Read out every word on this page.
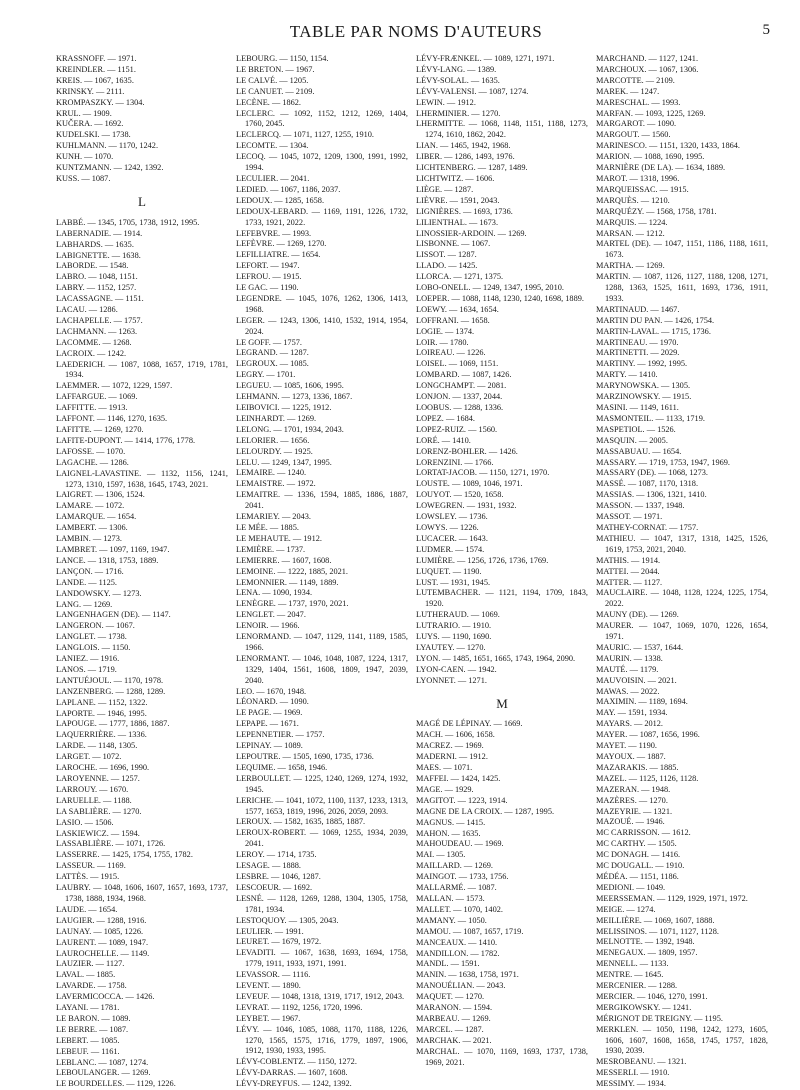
TABLE PAR NOMS D'AUTEURS	5
KRASSNOFF. — 1971.
KREINDLER. — 1151.
KREIS. — 1067, 1635.
KRINSKY. — 2111.
KROMPASZKY. — 1304.
KRUL. — 1909.
KUČERA. — 1692.
KUDELSKI. — 1738.
KUHLMANN. — 1170, 1242.
KUNH. — 1070.
KUNTZMANN. — 1242, 1392.
KUSS. — 1087.
L
LABBÉ. — 1345, 1705, 1738, 1912, 1995.
LABERNADIE. — 1914.
LABHARDS. — 1635.
LABIGNETTE. — 1638.
LABORDE. — 1548.
LABRO. — 1048, 1151.
LABRY. — 1152, 1257.
LACASSAGNE. — 1151.
LACAU. — 1286.
LACHAPELLE. — 1757.
LACHMANN. — 1263.
LACOMME. — 1268.
LACROIX. — 1242.
LAEDERICH. — 1087, 1088, 1657, 1719, 1781, 1934.
LAEMMER. — 1072, 1229, 1597.
LAFFARGUE. — 1069.
LAFFITTE. — 1913.
LAFFONT. — 1146, 1270, 1635.
LAFITTE. — 1269, 1270.
LAFITE-DUPONT. — 1414, 1776, 1778.
LAFOSSE. — 1070.
LAGACHE. — 1286.
LAIGNEL-LAVASTINE. — 1132, 1156, 1241, 1273, 1310, 1597, 1638, 1645, 1743, 2021.
LAIGRET. — 1306, 1524.
LAMARE. — 1072.
LAMARQUE. — 1654.
LAMBERT. — 1306.
LAMBIN. — 1273.
LAMBRET. — 1097, 1169, 1947.
LANCE. — 1318, 1753, 1889.
LANÇON. — 1716.
LANDE. — 1125.
LANDOWSKY. — 1273.
LANG. — 1269.
LANGENHAGEN (DE). — 1147.
LANGERON. — 1067.
LANGLET. — 1738.
LANGLOIS. — 1150.
LANIEZ. — 1916.
LANOS. — 1719.
LANTUÉJOUL. — 1170, 1978.
LANZENBERG. — 1288, 1289.
LAPLANE. — 1152, 1322.
LAPORTE. — 1946, 1995.
LAPOUGE. — 1777, 1886, 1887.
LAQUERRIÈRE. — 1336.
LARDE. — 1148, 1305.
LARGET. — 1072.
LAROCHE. — 1696, 1990.
LAROYENNE. — 1257.
LARROUY. — 1670.
LARUELLE. — 1188.
LA SABLIÈRE. — 1270.
LASIO. — 1506.
LASKIEWICZ. — 1594.
LASSABLIÈRE. — 1071, 1726.
LASSERRE. — 1425, 1754, 1755, 1782.
LASSEUR. — 1169.
LATTÈS. — 1915.
LAUBRY. — 1048, 1606, 1607, 1657, 1693, 1737, 1738, 1888, 1934, 1968.
LAUDE. — 1654.
LAUGIER. — 1288, 1916.
LAUNAY. — 1085, 1226.
LAURENT. — 1089, 1947.
LAUROCHELLE. — 1149.
LAUZIER. — 1127.
LAVAL. — 1885.
LAVARDE. — 1758.
LAVERMICOCCA. — 1426.
LAYANI. — 1781.
LE BARON. — 1089.
LE BERRE. — 1087.
LEBERT. — 1085.
LEBEUF. — 1161.
LEBLANC. — 1087, 1274.
LEBOULANGER. — 1269.
LE BOURDELLES. — 1129, 1226.
LEBOURG. — 1150, 1154.
LE BRETON. — 1967.
LE CALVÉ. — 1205.
LE CANUET. — 2109.
LECÈNE. — 1862.
LECLERC. — 1092, 1152, 1212, 1269, 1404, 1760, 2045.
LECLERCQ. — 1071, 1127, 1255, 1910.
LECOMTE. — 1304.
LECOQ. — 1045, 1072, 1209, 1300, 1991, 1992, 1994.
LECULIER. — 2041.
LEDIED. — 1067, 1186, 2037.
LEDOUX. — 1285, 1658.
LEDOUX-LEBARD. — 1169, 1191, 1226, 1732, 1733, 1921, 2022.
LEFEBVRE. — 1993.
LEFÈVRE. — 1269, 1270.
LEFILLIATRE. — 1654.
LEFORT. — 1947.
LEFROU. — 1915.
LE GAC. — 1190.
LEGENDRE. — 1045, 1076, 1262, 1306, 1413, 1968.
LEGER. — 1243, 1306, 1410, 1532, 1914, 1954, 2024.
LE GOFF. — 1757.
LEGRAND. — 1287.
LEGROUX. — 1085.
LEGRY. — 1701.
LEGUEU. — 1085, 1606, 1995.
LEHMANN. — 1273, 1336, 1867.
LEIBOVICI. — 1225, 1912.
LEINHARDT. — 1269.
LELONG. — 1701, 1934, 2043.
LELORIER. — 1656.
LELOURDY. — 1925.
LELU. — 1249, 1347, 1995.
LEMAIRE. — 1240.
LEMAISTRE. — 1972.
LEMAITRE. — 1336, 1594, 1885, 1886, 1887, 2041.
LEMARIEY. — 2043.
LE MÉE. — 1885.
LE MEHAUTE. — 1912.
LEMIÈRE. — 1737.
LEMIERRE. — 1607, 1608.
LEMOINE. — 1222, 1885, 2021.
LEMONNIER. — 1149, 1889.
LENA. — 1090, 1934.
LENÈGRE. — 1737, 1970, 2021.
LENGLET. — 2047.
LENOIR. — 1966.
LENORMAND. — 1047, 1129, 1141, 1189, 1585, 1966.
LENORMANT. — 1046, 1048, 1087, 1224, 1317, 1329, 1404, 1561, 1608, 1809, 1947, 2039, 2040.
LEO. — 1670, 1948.
LÉONARD. — 1090.
LE PAGE. — 1969.
LEPAPE. — 1671.
LEPENNETIER. — 1757.
LEPINAY. — 1089.
LEPOUTRE. — 1505, 1690, 1735, 1736.
LEQUIME. — 1658, 1946.
LERBOULLET. — 1225, 1240, 1269, 1274, 1932, 1945.
LERICHE. — 1041, 1072, 1100, 1137, 1233, 1313, 1577, 1653, 1819, 1996, 2026, 2059, 2093.
LEROUX. — 1582, 1635, 1885, 1887.
LEROUX-ROBERT. — 1069, 1255, 1934, 2039, 2041.
LEROY. — 1714, 1735.
LESAGE. — 1888.
LESBRE. — 1046, 1287.
LESCOEUR. — 1692.
LESNÉ. — 1128, 1269, 1288, 1304, 1305, 1758, 1781, 1934.
LESTOQUOY. — 1305, 2043.
LEULIER. — 1991.
LEURET. — 1679, 1972.
LEVADITI. — 1067, 1638, 1693, 1694, 1758, 1779, 1911, 1933, 1971, 1991.
LEVASSOR. — 1116.
LEVENT. — 1890.
LEVEUF. — 1048, 1318, 1319, 1717, 1912, 2043.
LEVRAT. — 1192, 1256, 1720, 1996.
LEYBET. — 1967.
LÉVY. — 1046, 1085, 1088, 1170, 1188, 1226, 1270, 1565, 1575, 1716, 1779, 1897, 1906, 1912, 1930, 1933, 1995.
LÉVY-COBLENTZ. — 1150, 1272.
LÉVY-DARRAS. — 1607, 1608.
LÉVY-DREYFUS. — 1242, 1392.
LÉVY-FRÆNKEL. — 1089, 1271, 1971.
LÉVY-LANG. — 1389.
LÉVY-SOLAL. — 1635.
LÉVY-VALENSI. — 1087, 1274.
LEWIN. — 1912.
LHERMINIER. — 1270.
LHERMITTE. — 1068, 1148, 1151, 1188, 1273, 1274, 1610, 1862, 2042.
LIAN. — 1465, 1942, 1968.
LIBER. — 1286, 1493, 1976.
LICHTENBERG. — 1287, 1489.
LICHTWITZ. — 1606.
LIÈGE. — 1287.
LIÈVRE. — 1591, 2043.
LIGNIÈRES. — 1693, 1736.
LILIENTHAL. — 1673.
LINOSSIER-ARDOIN. — 1269.
LISBONNE. — 1067.
LISSOT. — 1287.
LLADO. — 1425.
LLORCA. — 1271, 1375.
LOBO-ONELL. — 1249, 1347, 1995, 2010.
LOEPER. — 1088, 1148, 1230, 1240, 1698, 1889.
LOEWY. — 1634, 1654.
LOFFRANI. — 1658.
LOGIE. — 1374.
LOIR. — 1780.
LOIREAU. — 1226.
LOISEL. — 1069, 1151.
LOMBARD. — 1087, 1426.
LONGCHAMPT. — 2081.
LONJON. — 1337, 2044.
LOOBUS. — 1288, 1336.
LOPEZ. — 1684.
LOPEZ-RUIZ. — 1560.
LORÉ. — 1410.
LORENZ-BOHLER. — 1426.
LORENZINI. — 1766.
LORTAT-JACOB. — 1150, 1271, 1970.
LOUSTE. — 1089, 1046, 1971.
LOUYOT. — 1520, 1658.
LOWEGREN. — 1931, 1932.
LOWSLEY. — 1736.
LOWYS. — 1226.
LUCACER. — 1643.
LUDMER. — 1574.
LUMIÈRE. — 1256, 1726, 1736, 1769.
LUQUET. — 1190.
LUST. — 1931, 1945.
LUTEMBACHER. — 1121, 1194, 1709, 1843, 1920.
LUTHERAUD. — 1069.
LUTRARIO. — 1910.
LUYS. — 1190, 1690.
LYAUTEY. — 1270.
LYON. — 1485, 1651, 1665, 1743, 1964, 2090.
LYON-CAEN. — 1942.
LYONNET. — 1271.
M
MAGÉ DE LÉPINAY. — 1669.
MACH. — 1606, 1658.
MACREZ. — 1969.
MADERNI. — 1912.
MAES. — 1071.
MAFFEI. — 1424, 1425.
MAGE. — 1929.
MAGITOT. — 1223, 1914.
MAGNE DE LA CROIX. — 1287, 1995.
MAGNUS. — 1415.
MAHON. — 1635.
MAHOUDEAU. — 1969.
MAI. — 1305.
MAILLARD. — 1269.
MAINGOT. — 1733, 1756.
MALLARMÉ. — 1087.
MALLAN. — 1573.
MALLET. — 1070, 1402.
MAMANY. — 1050.
MAMOU. — 1087, 1657, 1719.
MANCEAUX. — 1410.
MANDILLON. — 1782.
MANDL. — 1591.
MANIN. — 1638, 1758, 1971.
MANOUÉLIAN. — 2043.
MAQUET. — 1270.
MARANON. — 1594.
MARBEAU. — 1269.
MARCEL. — 1287.
MARCHAK. — 2021.
MARCHAL. — 1070, 1169, 1693, 1737, 1738, 1969, 2021.
MARCHAND. — 1127, 1241.
MARCHOUX. — 1067, 1306.
MARCOTTE. — 2109.
MAREK. — 1247.
MARESCHAL. — 1993.
MARFAN. — 1093, 1225, 1269.
MARGAROT. — 1090.
MARGOUT. — 1560.
MARINESCO. — 1151, 1320, 1433, 1864.
MARION. — 1088, 1690, 1995.
MARNIÈRE (DE LA). — 1634, 1889.
MAROT. — 1318, 1996.
MARQUEISSAC. — 1915.
MARQUÈS. — 1210.
MARQUÉZY. — 1568, 1758, 1781.
MARQUIS. — 1224.
MARSAN. — 1212.
MARTEL (DE). — 1047, 1151, 1186, 1188, 1611, 1673.
MARTHA. — 1269.
MARTIN. — 1087, 1126, 1127, 1188, 1208, 1271, 1288, 1363, 1525, 1611, 1693, 1736, 1911, 1933.
MARTINAUD. — 1467.
MARTIN DU PAN. — 1426, 1754.
MARTIN-LAVAL. — 1715, 1736.
MARTINEAU. — 1970.
MARTINETTI. — 2029.
MARTINY. — 1992, 1995.
MARTY. — 1410.
MARYNOWSKA. — 1305.
MARZINOWSKY. — 1915.
MASINI. — 1149, 1611.
MASMONTEIL. — 1133, 1719.
MASPETIOL. — 1526.
MASQUIN. — 2005.
MASSABUAU. — 1654.
MASSARY. — 1719, 1753, 1947, 1969.
MASSARY (DE). — 1068, 1273.
MASSÉ. — 1087, 1170, 1318.
MASSIAS. — 1306, 1321, 1410.
MASSON. — 1337, 1948.
MASSOT. — 1971.
MATHEY-CORNAT. — 1757.
MATHIEU. — 1047, 1317, 1318, 1425, 1526, 1619, 1753, 2021, 2040.
MATHIS. — 1914.
MATTEI. — 2044.
MATTER. — 1127.
MAUCLAIRE. — 1048, 1128, 1224, 1225, 1754, 2022.
MAUNY (DE). — 1269.
MAURER. — 1047, 1069, 1070, 1226, 1654, 1971.
MAURIC. — 1537, 1644.
MAURIN. — 1338.
MAUTÉ. — 1179.
MAUVOISIN. — 2021.
MAWAS. — 2022.
MAXIMIN. — 1189, 1694.
MAY. — 1591, 1934.
MAYARS. — 2012.
MAYER. — 1087, 1656, 1996.
MAYET. — 1190.
MAYOUX. — 1887.
MAZARAKIS. — 1885.
MAZEL. — 1125, 1126, 1128.
MAZERAN. — 1948.
MAZÈRES. — 1270.
MAZEYRIE. — 1321.
MAZOUÉ. — 1946.
MC CARRISSON. — 1612.
MC CARTHY. — 1505.
MC DONAGH. — 1416.
MC DOUGALL. — 1910.
MÉDÉA. — 1151, 1186.
MEDIONI. — 1049.
MEERSSEMAN. — 1129, 1929, 1971, 1972.
MEIGE. — 1274.
MEILLIÈRE. — 1069, 1607, 1888.
MELISSINOS. — 1071, 1127, 1128.
MELNOTTE. — 1392, 1948.
MENEGAUX. — 1809, 1957.
MENNELL. — 1133.
MENTRE. — 1645.
MERCENIER. — 1288.
MERCIER. — 1046, 1270, 1991.
MERGIKOWSKY. — 1241.
MÉRIGNOT DE TREIGNY. — 1195.
MERKLEN. — 1050, 1198, 1242, 1273, 1605, 1606, 1607, 1608, 1658, 1745, 1757, 1828, 1930, 2039.
MESROBEANU. — 1321.
MESSERLI. — 1910.
MESSIMY. — 1934.
